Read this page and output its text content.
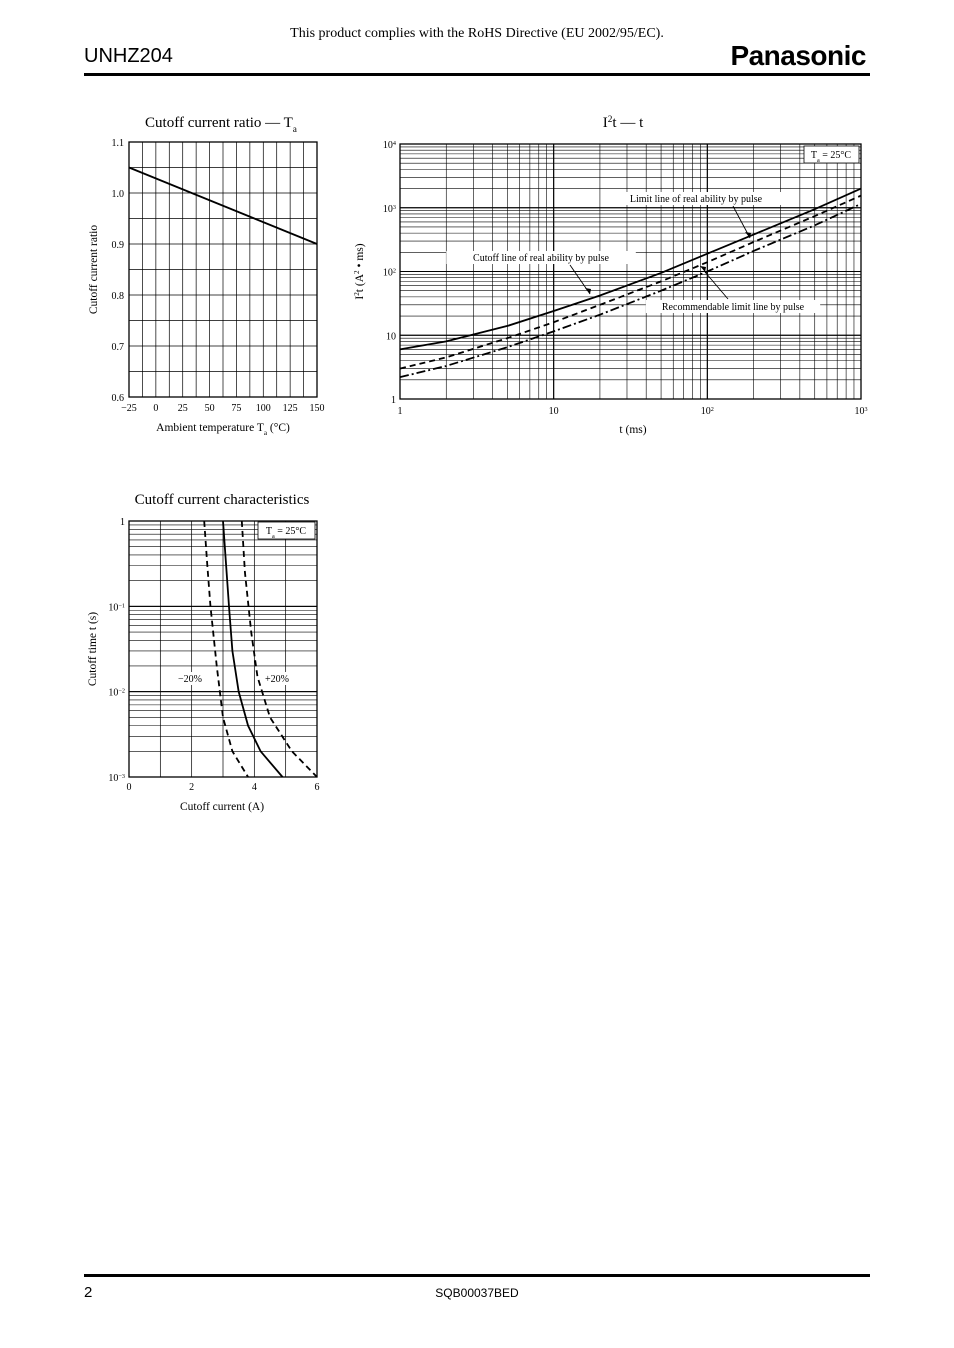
This product complies with the RoHS Directive (EU 2002/95/EC).
UNHZ204	Panasonic
−25 0 25 50 75 100 125 150
0.6
0.7
0.8
0.9
1.0
1.1
Cutoff current ratio — $T_a$
Ambient temperature $T_a$ (°C)
Cutoff current ratio
1	10	$10^2$	$10^3$
1
10
$10^2$
$10^3$
$10^4$
$I^2t$ — t
t (ms)
$I^2t$ ($A^2$ • ms)
$T_a = 25^\circ C$
Limit line of real ability by pulse
Cutoff line of real ability by pulse
Recommendable limit line by pulse
0	2	4	6
$10^{-3}$
$10^{-2}$
$10^{-1}$
1
Cutoff current characteristics
Cutoff current (A)
Cutoff time t (s)
$T_a = 25^\circ C$
−20%	+20%
2	SQB00037BED
